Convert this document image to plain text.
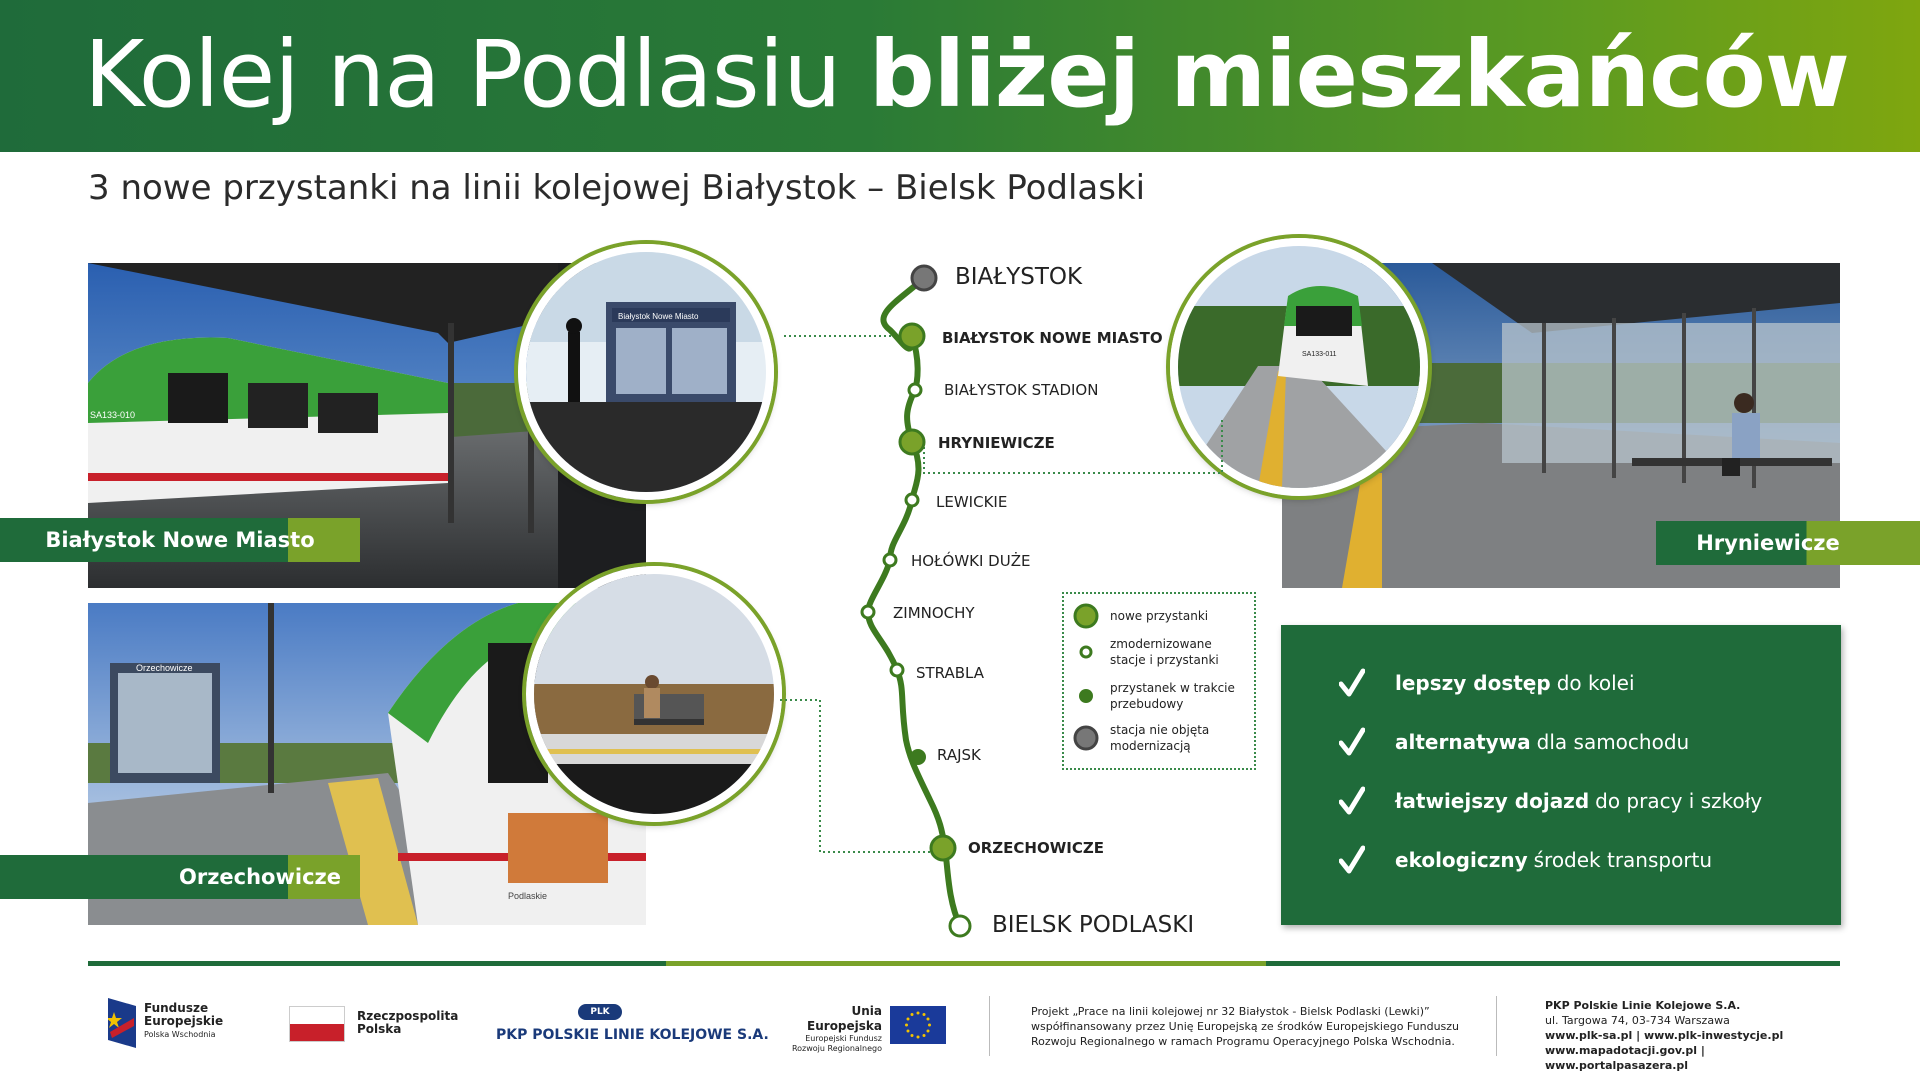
Kolej na Podlasiu bliżej mieszkańców
3 nowe przystanki na linii kolejowej Białystok – Bielsk Podlaski
SA133-010
Białystok Nowe Miasto
Białystok Nowe Miasto
Orzechowicze
Podlaskie
Orzechowicze
Hryniewicze
SA133-011
BIAŁYSTOK
BIAŁYSTOK NOWE MIASTO
BIAŁYSTOK STADION
HRYNIEWICZE
LEWICKIE
HOŁÓWKI DUŻE
ZIMNOCHY
STRABLA
RAJSK
ORZECHOWICZE
BIELSK PODLASKI
nowe przystanki
zmodernizowane stacje i przystanki
przystanek w trakcie przebudowy
stacja nie objęta modernizacją
lepszy dostęp do kolei
alternatywa dla samochodu
łatwiejszy dojazd do pracy i szkoły
ekologiczny środek transportu
Fundusze
Europejskie
Polska Wschodnia
Rzeczpospolita
Polska
PLK
PKP POLSKIE LINIE KOLEJOWE S.A.
Unia Europejska
Europejski Fundusz
Rozwoju Regionalnego
Projekt „Prace na linii kolejowej nr 32 Białystok - Bielsk Podlaski (Lewki)”
współfinansowany przez Unię Europejską ze środków Europejskiego Funduszu
Rozwoju Regionalnego w ramach Programu Operacyjnego Polska Wschodnia.
PKP Polskie Linie Kolejowe S.A.
ul. Targowa 74, 03-734 Warszawa
www.plk-sa.pl | www.plk-inwestycje.pl
www.mapadotacji.gov.pl | www.portalpasazera.pl
